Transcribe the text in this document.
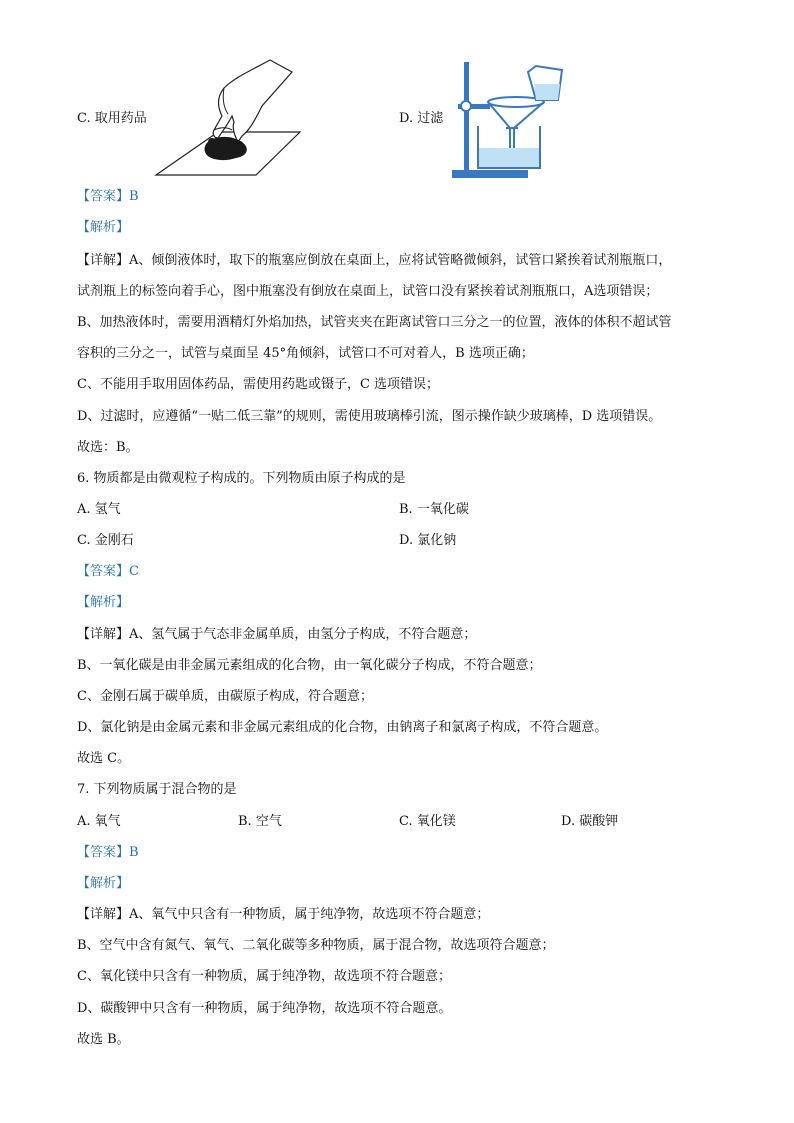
C. 取用药品	D. 过滤
【答案】B
【解析】
【详解】A、倾倒液体时，取下的瓶塞应倒放在桌面上，应将试管略微倾斜，试管口紧挨着试剂瓶瓶口，
试剂瓶上的标签向着手心，图中瓶塞没有倒放在桌面上，试管口没有紧挨着试剂瓶瓶口，A选项错误；
B、加热液体时，需要用酒精灯外焰加热，试管夹夹在距离试管口三分之一的位置，液体的体积不超试管
容积的三分之一，试管与桌面呈 45°角倾斜，试管口不可对着人，B 选项正确；
C、不能用手取用固体药品，需使用药匙或镊子，C 选项错误；
D、过滤时，应遵循“一贴二低三靠”的规则，需使用玻璃棒引流，图示操作缺少玻璃棒，D 选项错误。
故选：B。
6. 物质都是由微观粒子构成的。下列物质由原子构成的是
A. 氢气	B. 一氧化碳
C. 金刚石	D. 氯化钠
【答案】C
【解析】
【详解】A、氢气属于气态非金属单质，由氢分子构成，不符合题意；
B、一氧化碳是由非金属元素组成的化合物，由一氧化碳分子构成，不符合题意；
C、金刚石属于碳单质，由碳原子构成，符合题意；
D、氯化钠是由金属元素和非金属元素组成的化合物，由钠离子和氯离子构成，不符合题意。
故选 C。
7. 下列物质属于混合物的是
A. 氧气	B. 空气	C. 氧化镁	D. 碳酸钾
【答案】B
【解析】
【详解】A、氧气中只含有一种物质，属于纯净物，故选项不符合题意；
B、空气中含有氮气、氧气、二氧化碳等多种物质，属于混合物，故选项符合题意；
C、氧化镁中只含有一种物质，属于纯净物，故选项不符合题意；
D、碳酸钾中只含有一种物质，属于纯净物，故选项不符合题意。
故选 B。
